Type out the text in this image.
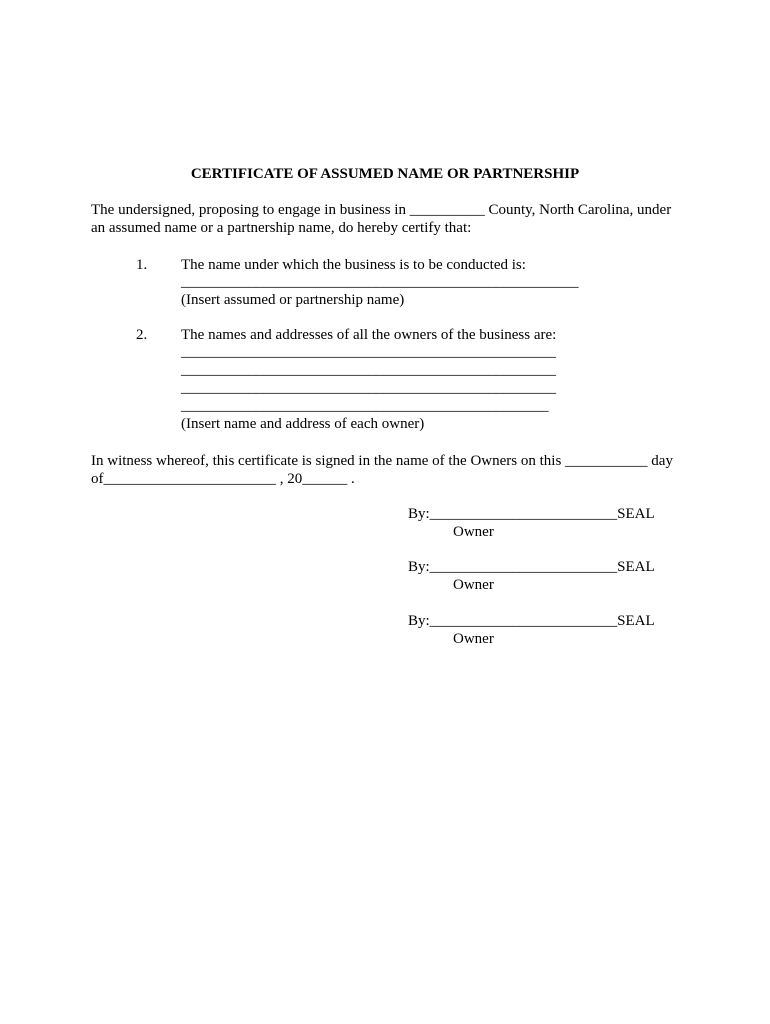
CERTIFICATE OF ASSUMED NAME OR PARTNERSHIP
The undersigned, proposing to engage in business in __________ County, North Carolina, under
an assumed name or a partnership name, do hereby certify that:
1. The name under which the business is to be conducted is:
_____________________________________________________
(Insert assumed or partnership name)
2. The names and addresses of all the owners of the business are:
__________________________________________________
__________________________________________________
__________________________________________________
_________________________________________________
(Insert name and address of each owner)
In witness whereof, this certificate is signed in the name of the Owners on this ___________ day
of_______________________ , 20______ .
By:_________________________SEAL
Owner
By:_________________________SEAL
Owner
By:_________________________SEAL
Owner
